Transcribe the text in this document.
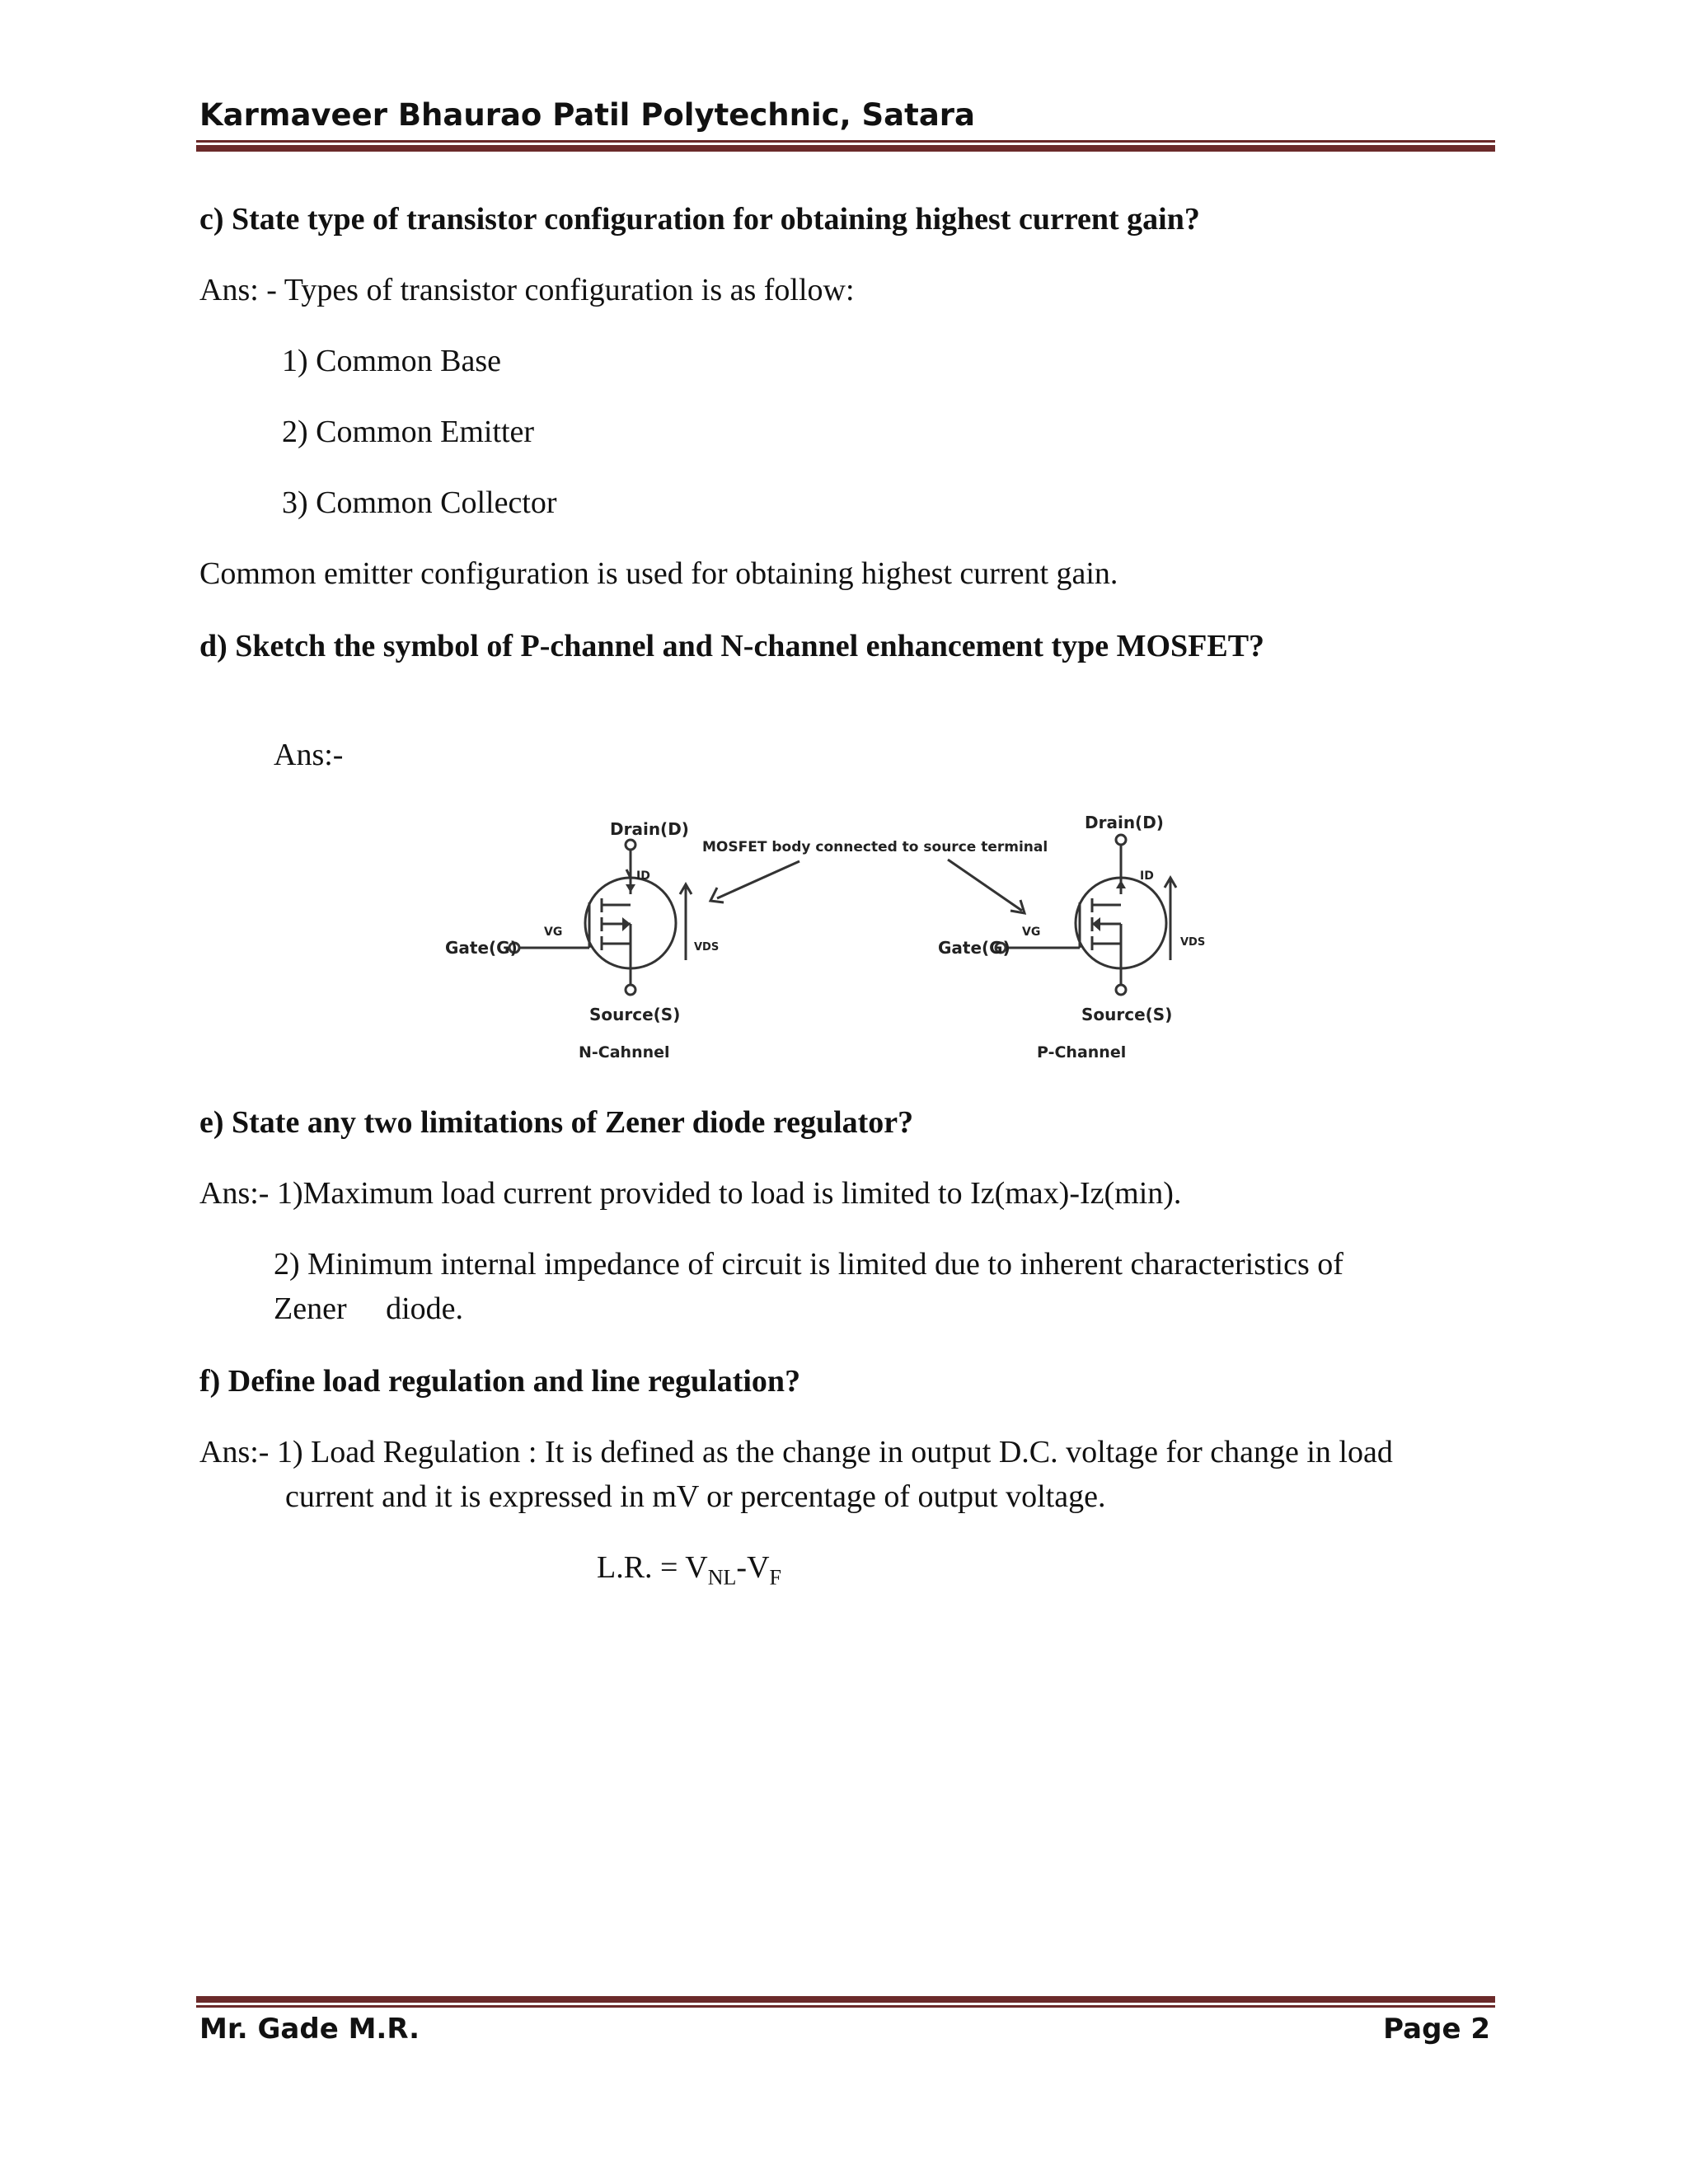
Karmaveer Bhaurao Patil Polytechnic, Satara
c) State type of transistor configuration for obtaining highest current gain?
Ans: - Types of transistor configuration is as follow:
1) Common Base
2) Common Emitter
3) Common Collector
Common emitter configuration is used for obtaining highest current gain.
d) Sketch the symbol of P-channel and N-channel enhancement type MOSFET?
Ans:-
Drain(D)
MOSFET body connected to source terminal
ID
VDS
VG
Gate(G)
Source(S)
N-Cahnnel
Drain(D)
ID
VDS
VG
Gate(G)
Source(S)
P-Channel
e) State any two limitations of Zener diode regulator?
Ans:- 1)Maximum load current provided to load is limited to Iz(max)-Iz(min).
2) Minimum internal impedance of circuit is limited due to inherent characteristics of
Zener     diode.
f) Define load regulation and line regulation?
Ans:- 1) Load Regulation : It is defined as the change in output D.C. voltage for change in load
current and it is expressed in mV or percentage of output voltage.
L.R. = $V_{NL}-V_F$
Mr. Gade M.R.	Page 2
